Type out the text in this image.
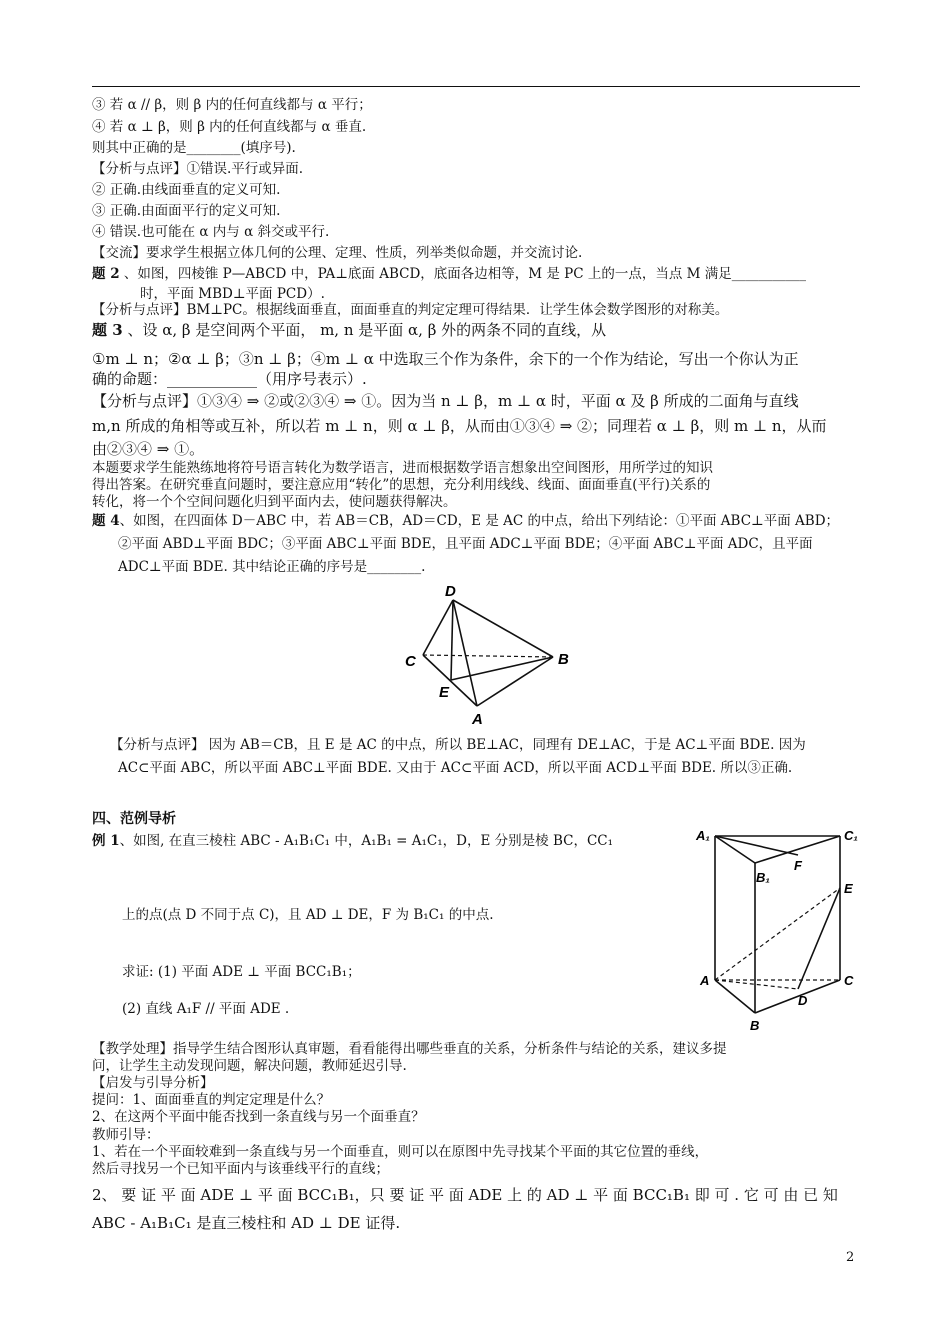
③ 若 α // β，则 β 内的任何直线都与 α 平行；
④ 若 α ⊥ β，则 β 内的任何直线都与 α 垂直.
则其中正确的是________(填序号).
【分析与点评】①错误.平行或异面.
② 正确.由线面垂直的定义可知.
③ 正确.由面面平行的定义可知.
④ 错误.也可能在 α 内与 α 斜交或平行.
【交流】要求学生根据立体几何的公理、定理、性质，列举类似命题，并交流讨论.
题 2 、如图，四棱锥 P—ABCD 中，PA⊥底面 ABCD，底面各边相等，M 是 PC 上的一点，当点 M 满足___________
时，平面 MBD⊥平面 PCD）.
【分析与点评】BM⊥PC。根据线面垂直，面面垂直的判定定理可得结果．让学生体会数学图形的对称美。
题 3 、设 α, β 是空间两个平面， m, n 是平面 α, β 外的两条不同的直线，从
①m ⊥ n；②α ⊥ β；③n ⊥ β；④m ⊥ α 中选取三个作为条件，余下的一个作为结论，写出一个你认为正
确的命题：____________（用序号表示）.
【分析与点评】①③④ ⇒ ②或②③④ ⇒ ①。因为当 n ⊥ β，m ⊥ α 时，平面 α 及 β 所成的二面角与直线
m,n 所成的角相等或互补，所以若 m ⊥ n，则 α ⊥ β，从而由①③④ ⇒ ②；同理若 α ⊥ β，则 m ⊥ n，从而
由②③④ ⇒ ①。
本题要求学生能熟练地将符号语言转化为数学语言，进而根据数学语言想象出空间图形，用所学过的知识
得出答案。在研究垂直问题时，要注意应用“转化”的思想，充分利用线线、线面、面面垂直(平行)关系的
转化，将一个个空间问题化归到平面内去，使问题获得解决。
题 4、如图，在四面体 D－ABC 中，若 AB＝CB，AD＝CD，E 是 AC 的中点，给出下列结论：①平面 ABC⊥平面 ABD；
②平面 ABD⊥平面 BDC；③平面 ABC⊥平面 BDE，且平面 ADC⊥平面 BDE；④平面 ABC⊥平面 ADC，且平面
ADC⊥平面 BDE. 其中结论正确的序号是________.
D
C	B
E
A
【分析与点评】 因为 AB＝CB，且 E 是 AC 的中点，所以 BE⊥AC，同理有 DE⊥AC，于是 AC⊥平面 BDE. 因为
AC⊂平面 ABC，所以平面 ABC⊥平面 BDE. 又由于 AC⊂平面 ACD，所以平面 ACD⊥平面 BDE. 所以③正确.
四、范例导析
例 1、如图, 在直三棱柱 ABC - A₁B₁C₁ 中，A₁B₁ = A₁C₁，D，E 分别是棱 BC，CC₁
上的点(点 D 不同于点 C)，且 AD ⊥ DE，F 为 B₁C₁ 的中点.
求证: (1) 平面 ADE ⊥ 平面 BCC₁B₁；
(2) 直线 A₁F // 平面 ADE .
A₁	C₁
B₁
F
E
A	C
D
B
【教学处理】指导学生结合图形认真审题，看看能得出哪些垂直的关系，分析条件与结论的关系，建议多提
问，让学生主动发现问题，解决问题，教师延迟引导.
【启发与引导分析】
提问：1、面面垂直的判定定理是什么？
2、在这两个平面中能否找到一条直线与另一个面垂直？
教师引导：
1、若在一个平面较难到一条直线与另一个面垂直，则可以在原图中先寻找某个平面的其它位置的垂线，
然后寻找另一个已知平面内与该垂线平行的直线；
2、 要 证 平 面 ADE ⊥ 平 面 BCC₁B₁，只 要 证 平 面 ADE 上 的 AD ⊥ 平 面 BCC₁B₁ 即 可 . 它 可 由 已 知
ABC - A₁B₁C₁ 是直三棱柱和 AD ⊥ DE 证得.
2
